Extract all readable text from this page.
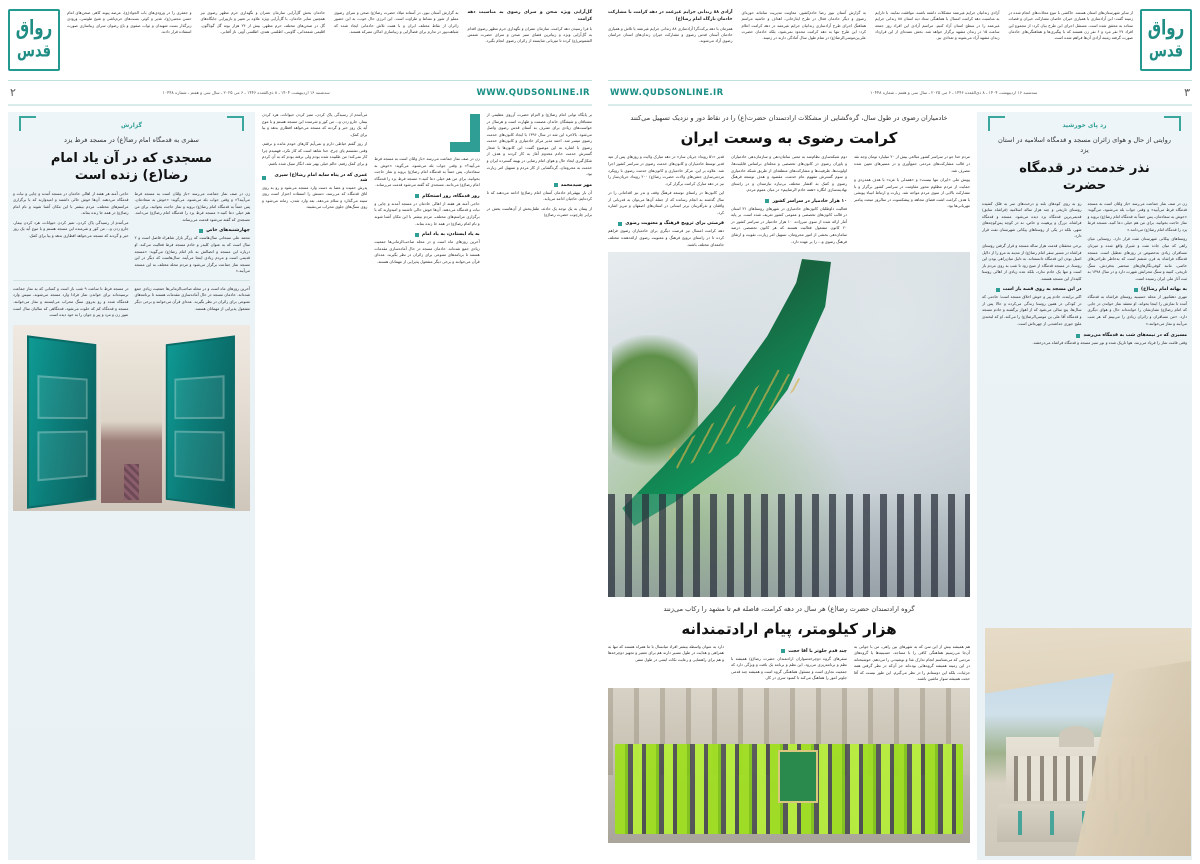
رواق
قدس
از سایر شهرستان‌های استان هستند. خاکشی با تنوع محلات‌های انجام شده در زمینه گفت: این آزادسازی با همیاری خیران خاصان مشارکت خیران و قضات ستاده به محقق شده است. مستقل اجرای این طرح بیان کرد: از مجموع این افراد ۲۷ نفر مرد و ۶ نفر زن هستند که با پیگیری‌ها و هماهنگی‌های خادمان صورت گرفته زمینه آزادی آن‌ها فراهم شده است.
آزادی زندانیان جرایم غیرعمد مشکلات داشته باشند، موافقت نمایند. با دارایم به مناسبت دهه کرامت امسال با هماهنگی ستاد دیه استان ۸۸ زندانی جرایم غیرعمد را در سطح استان آزاد کنیم. مراسم آزادی این افراد روز جمعه ساعت ۱۵ در زندان مشهد برگزار خواهد شد. بخش عمده‌ای از این قرارداد زندان مشهد آزاد می‌شوند و تعدادی نیز.
به گزارش آستان نیوز رضا خادم‌کشور، معاونت مدیریت سامانه حوزه‌ای رضوی و دیگر خادمان فعال در طرح ایثارخانی، اهداف و حاشیه مراسم هماهنگ اجرای طرح آزادسازی زندانیان جرایم غیرعمد در دهه کرامت اعلام کرد: این طرح تنها به دهه کرامت محدود نمی‌شود، بلکه خادمان حضرت علی‌بن‌موسی‌الرضا(ع) در تمام طول سال آمادگی دارند در زمینه.
آزادی ۸۸ زندانی جرایم غیرعمد در دهه کرامت با مشارکت خادمان بارگاه امام رضا(ع)
همزمان با دهه برکت‌گرا آزادسازی ۸۸ زندانی جرایم غیرعمد با تلاش و همیاری خادمان آستان قدس رضوی و مشارکت خیران زندان‌های استان خراسان رضوی آزاد می‌شوند.
۳
سه‌شنبه ۱۶ اردیبهشت ۱۴۰۴ ـ ۸ ذی‌القعده ۱۴۴۶ ـ ۶ می ۲۰۲۵ ـ سال سی و هفتم ـ شماره ۱۰۴۴۸
WWW.QUDSONLINE.IR
رد پای خورشید
روایتی از حال و هوای زائران مسجد و قدمگاه اسلامیه در استان یزد
نذر خدمت در قدمگاه حضرت
زن در صف نماز جماعت می‌رسد «باز ولئان است به مسجد قدمگاه فرط می‌آیید» و وقتی جواب بله می‌شنود، می‌گوید: «خوش به سعادتتان، پس حتماً به قدمگاه امام رضا(ع) بروید و نماز حاجت بخوانید، برای من هم خیلی دعا کنید، مسجد فرط یزد را قدمگاه امام رضا(ع) می‌دانند.»
روستاهای پیکانی شهرستان تفت قرار دارد. روستایی میان راهی که میان جاده تفت و شیراز واقع شده و میزبان مسافران زیادی به‌خصوص در روزهای تعطیل است. مسجد قدمگاه فراشاه به قرن ششم است که به‌خاطر طراحی‌های خاصی، مانند کوفی‌نگارهای‌های منحصر به‌فردش، سنگ تاریخی، کتیبه و سنگ محرابش شهرت دارد و در سال ۱۳۹۸ به ثبت آثار ملی ایران رسیده است.
به بهانه امام رضا(ع)
مهری دهقانپور از محله حسینیه روستای فراشاه به قدمگاه آمده تا نمازش را اینجا بخواند. او معتقد نماز خواندن در جایی که امام رضا(ع) نشان‌شان را خوانده‌اند حال و هوای دیگری دارد. «من مسافران و زائران زیادی را می‌بینم که هر شب می‌آیند و نماز می‌خوانند.»
رو به روی کوه‌های بلند و درخت‌های سر به فلک کشیده روستای تاریخی و چند هزار ساله اسلامیه (فراشاه سابق) قدیمی‌ترین قدمگاه یزد دیده می‌شود. مسجد و قدمگاه فراشاه، بزرگ و پرهیبت و خاص، نه در کوچه پس‌کوچه‌های شهر، بلکه در یکی از روستاهای پیکانی شهرستان تفت قرار دارد.
برخی محققان قدمت هزار ساله مسجد و قرار گرفتن روستای فراشاه در مسیر سفر امام رضا(ع) از مدینه به مرو را از دلایل اصیل بودن این قدمگاه دانسته‌اند. به دلیل میان‌راهی بودن این روستا، در مسجد قدمگاه از صبح زود تا شب به روی مردم باز است و تنها یک خادم ندارد، بلکه عده زیادی از اهالی روستا کلیددار این مسجد هستند.
در این مسجد به روی قصه باز است
اکبر براینده، خادم پیر و خوش اخلاق مسجد است؛ خادمی که در کودکی در همین روستا زندگی می‌کرده و حالا پس از سال‌ها، پنج سالی می‌شود که از اهواز برگشته و خادم مسجد و قدمگاه آقا علی بن موسی‌الرضا(ع) را می‌کند. او که لبخندی ملیح جوری جداشدنی از چهره‌اش است.
مسیری که در نیمه‌های شب به قدمگاه می‌رسد
وقتی قامت نماز را فریاد می‌زنند، هوا تاریک شده و نور سبز مسجد و قدمگاه فراشاه می‌درخشد.
خادمیاران رضوی در طول سال، گره‌گشایی از مشکلات ارادتمندان حضرت(ع) را در نقاط دور و نزدیک تسهیل می‌کنند
کرامت رضوی به وسعت ایران
مردم خدا جو در سراسر کشور مبالغی بیش از ۲۰ میلیارد تومان وجه نقد در قالب مشارکت‌های مردمی جمع‌آوری و در مسیرهای تعیین شده مصرف شد.
پویش ملی «ایران تنها نیست» و «همدلی با غزه» با هدف همدردی و حمایت از مردم مظلوم محور مقاومت در سراسر کشور برگزار و با مشارکت بالایی از سوی مردم مواجه شد. زیارت و ارتباط انبیاء پویشی با هدف کرامت اشت فضای مجاهد و پیشکسوت در سالروز میعث پیامبر مهربانی‌ها بود.
دوم شبکه‌سازی نظام‌مند به معنی سامان‌دهی و سازمان‌دهی خادمیاران و یاوران رضوی در کانون‌های تخصصی و محله‌ای براساس قابلیت‌ها، اولویت‌ها، ظرفیت‌ها و مشارکت‌های منطقه‌ای از طریق شبکه خادمیاری و سوم گسترش مفهوم عام خدمت، مقصود و هدف توسعه فرهنگ رضوی و کمک به اقشار مختلف بی‌نیازه نیازمندان و در راستای نهادینه‌سازی انگاره «همه خادم الرضاییم» در میان عموم مردم.
۱۰ هزار خادمیار در سراسر کشور
فعالیت داوطلبان کانون‌های خادمیاری در شهرهای روستاهای ۳۱ استان در قالب کانون‌های تخصصی و عمومی کشور تعریف شده است. بر پایه آمار ارائه شده از سوی میرزاده، ۱۰ هزار خادمیار در سراسر کشور در ۲۰ کانون مشغول فعالیت هستند که هر کانون تخصصی درصد سامان‌دهی بخشی از امور محرومان، تسهیل امر زیارت، تقویت و ارتقای فرهنگ رضوی و... را بر عهده دارد.
قدیر «۵۱ رویداد جریان ساز» در دهه مبارک ولایت و روزهای پس از عید قدیر توسط خادمیاران و کانون‌های خدمت رضوی در سراسر کشور اجرا شد. علاوه بر این، مرکز خادمیاری و کانون‌های خدمت رضوی با رویکرد مردمی‌سازی جشن‌های ولادت حضرت رضا(ع) ۲۰۰ رویداد جریان‌ساز را نیز در دهه مبارک کرامت برگزار کرد.
این کانون‌ها در راستای توسعه فرهنگ وقف و ندر نیز اقداماتی را در سال گذشته به انجام رسانده که از جمله آن‌ها می‌توان به قدربانی از واقفان و نذرآفرینان برتر استانی در استان‌های اصفهان و تبریز اشاره کرد.
فرصتی برای ترویج فرهنگ و معنویت رضوی
دهه کرامت امسال نیز فرصت دیگری برای خادمیاران رضوی فراهم کرده تا در راستای ترویج فرهنگ و معنویت رضوی ارائه‌دهنده مختلف جامعه‌ای مختلف باشند.
گروه ارادتمندان حضرت رضا(ع) هر سال در دهه کرامت، فاصله قم تا مشهد را رکاب می‌زنند
هزار کیلومتر، پیام ارادتمندانه
هم همیشه بیش از این سن که به شهرهای بین راهی، من با جوانی به آن‌جا می‌رسیم هماهنگی کافی را با مساجد، حسینیه‌ها یا گروه‌های مردمی که می‌شناسم انجام تدارک غذا و نوشیدنی را می‌دهم. خوشبختانه در این زمینه همیشه گروه‌هایی بوده‌اند جز آن‌که در نظر گرفتن همه جزئیات، بلکه این دوستانم را در نظر می‌گیرم. این طور نیست که آقا حجت همیشه سوار ماشین باشند.
چند قدم جلوتر با آقا حجت
سفرهای گروه دوچرخه‌سواران ارادتمندان حضرت رضا(ع) همیشه با نظم و برنامه‌ریزی می‌رود. این نظم و برنامه یک بافت و ویژگی دارد که جمعیت نجاری است و مسئول هماهنگی گروه است و همیشه چند قدمی جلوتر امور را هماهنگ می‌کند تا کمبود سری در کار.
دارد به عنوان واسطه بیشتر افراد میانسال با ما همراه هستند که تنها به همراهی و هدایت در طول مسیر دارند هم برای تعمیر و تجهیز دوچرخه‌ها و هم برای راهنمایی و رعایت نکات ایمنی در طول سفر.
رواق
قدس
گل‌آرایی ویژه صحن و سرای رضوی به مناسبت دهه کرامت
با فرا رسیدن دهه کرامت، سازمان عمران و نگهداری حرم مطهر رضوی اقدام به گل‌آرایی ویژه و زیباترین فضای سبز صحن و سرای حضرت شمس الشموس(ع) کرده تا میزبانی شایسته از زائران رضوی انجام بگیرد.
به گزارش آستان نیوز، در آستانه میلاد حضرت رضا(ع) صحن و سرای رضوی مملو از شور و نشاط و طراوت است. این انرژی حال خوب، به این حضور زائران از نقاط مختلف ایران و با همت تلاش خادمانی ایجاد شده که شباهت‌پور در تدارم برای فضا‌آرایی و زیباسازی اماکن متبرکه هستند.
خادمان بخش گل‌آرایی سازمان عمران و نگهداری حرم مطهر رضوی نیز همچنین سایر خادمان، با گل‌آرایی ویژه علاوه بر تغییر و بازپیرایی جایگاه‌های گل در صحن‌های مختلف حرم مطهر، بیش از ۲۴ هزار بوته گل گوناگون، اقلیمی شمعدانی، گاوبنی، اطلسی هندی، اطلسی آویز، ناز آفتابی.
و جعفری را در ورودی‌های باب الجواد(ع)، عرصه پیوند کاهی صحن‌های امام حسن مجتبی(ع)، غدیر و کوثر، بست‌های حرم‌ناشی و شیخ طوسی، ورودی زیرگذار بست شهیدان و ثواب صفوی و باغ رضوان سرای زیباسازی صورت استفاده قرار دادند.
۲	سه‌شنبه ۱۶ اردیبهشت ۱۴۰۴ ـ ۸ ذی‌القعده ۱۴۴۶ ـ ۶ می ۲۰۲۵ ـ سال سی و هفتم ـ شماره ۱۰۴۴۸	WWW.QUDSONLINE.IR
بر پایگاه توانی امام رضا(ع) و التزام حضرت آزروی عظیمی از مشتاقان و شیفتگان خاندان عصمت و طهارت است و هرسال در خواست‌های زیادی برای تشرف به آستان قدس رضوی واصل می‌شود. بالاخره این شد در سال ۱۳۹۶ با ایجاد کانون‌های خدمت رضوی میسر شد. احمد مدیر مرکز خادمیاری و کانون‌های خدمت رضوی با اشاره به این موضوع گفت: این کانون‌ها با شعار گسترش خدمت خادم مخدوم آغاز به کار کردند و هدف از شکل‌گیری ایجاد حال و هوای امام رضایی در بهینه گسترده ایران و خدمت به محرومان، گره‌گشایی از کار مردم و تسهیل امر زیارت بود.
مهر سیدمحمد
آن بار بیهقی‌ام خادمان آستان امام رضا(ع) ادامه می‌دهند که تا کرده‌ایم، حاجیان ادامه می‌یابد.
از پیمان به یک توجه یک حادثه، طفل‌بخش از آن‌هاست بخش در برابر چارچوب حضرت رضا(ع)
زن در صف نماز جماعت می‌رسد «باز ولئان است به مسجد فرط می‌آیید؟» و وقتی جواب بله می‌شنود، می‌گوید: «خوش به سعادتتان، پس حتماً به قدمگاه امام رضا(ع) بروید و نماز حاجت بخوانید، برای من هم خیلی دعا کنید.» مسجد فرط یزد را قدمگاه امام رضا(ع) می‌دانند. مسجدی که گفته می‌شود قدمت می‌رساند.
روز قدمگاه، روز استحکام
حاجی آمنه هر هفته از اهالی خادمان در مسجد آمدند و چایی و نبات و قدمگاه می‌دهند. آن‌ها خوش حالی داشتند و امیدوارند که با برگزاری مراسم‌های مختلف، مردم بیشتر با این مکان آشنا شوند و نام امام رضا(ع) در همه جا زنده بماند.
به یاد ایستادن، به یاد امام
آخرین روزهای ماه است و در محله صاحب‌الزمانی‌ها جمعیت زیادی جمع شده‌اند. خادمان مسجد در حال آماده‌سازی مقدمات هستند تا برنامه‌های متنوعی برای زائران در نظر بگیرند. عده‌ای قرآن می‌خوانند و برخی دیگر مشغول پذیرایی از مهمانان هستند.
می‌آمدم از رسیدگی پاک کردن، تمیز کردن حیوانات، هرد کردن بیمار، جارو زدن و... من کور و شرمنده این مسجد هستم و با موج آید یک روز خبر و گردنه که مسجد می‌خواهد افطاری بدهد و بیا برای کمک.
از روز گفتم خیاطی دارم و نمی‌آیم کارهای خودم مانده و نرفتم، وقتی نشستم پای چرخ، خدا شاهد است که کار نکرد، فهمیدم چرا کار نمی‌کند؛ من طلبیده شده بودم ولی نرفته بودم که به آن کردم و برای کمک رفتم. حالم خیلی بهتر شد، انگار سبک شده باشم.
عمری که در پناه سایه امام رضا(ع) سپری شد
پدرش خمیده و عصا به دست وارد مسجد می‌شود و رو به روی اتاق قدمگاه که می‌رسد، دستش را استفاده اختزاز است روی سینه می‌گذارد و سلام می‌دهد، بعد وارد شدن، زمانه می‌شود و روی سنگ‌های جلوی محراب می‌نشیند.
گزارش
سفری به قدمگاه امام رضا(ع) در مسجد فرط یزد
مسجدی که در آن یاد امام رضا(ع) زنده است
زن در صف نماز جماعت می‌رسد «باز ولئان است به مسجد فرط می‌آیید؟» و وقتی جواب بله می‌شنود، می‌گوید: «خوش به سعادتتان، پس حتماً به قدمگاه امام رضا(ع) بروید و نماز حاجت بخوانید، برای من هم خیلی دعا کنید.» مسجد فرط یزد را قدمگاه امام رضا(ع) می‌دانند. مسجدی که گفته می‌شود قدمت می‌رساند.
چهارشنبه‌های خاص
محمد علی سبحانی سال‌هاست که زرگر بازار شاهراه فاضل است و ۲ سال است که به عنوان کلیدر و خادم مسجد فرط فعالیت می‌کند. او درباره این مسجد و اتصالش به نام امام رضا(ع) می‌گوید: «مسجد قدیمی است و مردم زیادی اینجا می‌آیند. سال‌هاست که دیگر در این مسجد نماز جماعت برگزار می‌شود و مردم محله مختلف به این مسجد می‌آیند.»
حاجی آمنه هر هفته از اهالی خادمان در مسجد آمدند و چایی و نبات و قدمگاه می‌دهند. آن‌ها خوش حالی داشتند و امیدوارند که با برگزاری مراسم‌های مختلف، مردم بیشتر با این مکان آشنا شوند و نام امام رضا(ع) در همه جا زنده بماند.
می‌آمدم از رسیدگی پاک کردن، تمیز کردن حیوانات، هرد کردن بیمار، جارو زدن و... من کور و شرمنده این مسجد هستم و با موج آید یک روز خبر و گردنه که مسجد می‌خواهد افطاری بدهد و بیا برای کمک.
آخرین روزهای ماه است و در محله صاحب‌الزمانی‌ها جمعیت زیادی جمع شده‌اند. خادمان مسجد در حال آماده‌سازی مقدمات هستند تا برنامه‌های متنوعی برای زائران در نظر بگیرند. عده‌ای قرآن می‌خوانند و برخی دیگر مشغول پذیرایی از مهمانان هستند.
در مسجد فرط تا ساعت ۹ شب باز است و کسانی که به نماز جماعت نرسیده‌اند برای خواندن نماز فرادا وارد مسجد می‌شوند، سپس وارد قدمگاه شده و رو به‌روی سنگ محراب می‌ایستند و نماز می‌خوانند. مسجد و قدمگاه کم که خلوت می‌شود، قدمگاهی که سالیان سال است عبور زن و مرد و پیر و جوان را به خود دیده است.
